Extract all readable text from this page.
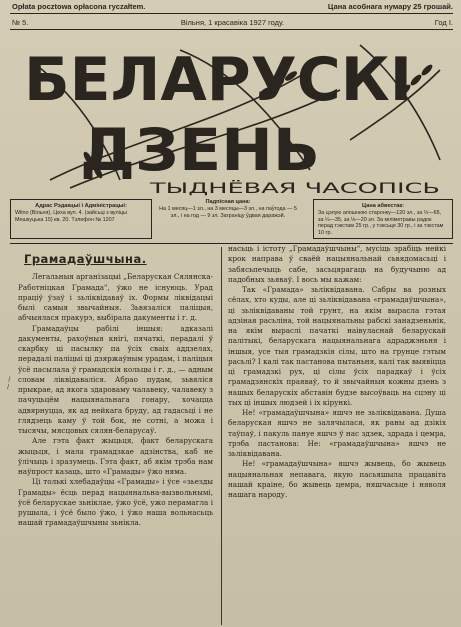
Opłata pocztowa opłacona ryczałtem.	Цана асобнага нумару 25 грошай.
№ 5.	Вільня, 1 красавіка 1927 году.	Год I.
БЕЛАРУСКІ
ДЗЕНЬ
ТЫДНЁВАЯ ЧАСОПІСЬ
Адрас Рэдакцыі і Адміністрацыі:
Wilno (Вільня), Цеха вул. 4. (зайсьці з вуліцы Мешкуцька 15) кв. 20. Тэлефон № 1207
Падпісная цана:
На 1 месяц—1 зл., на 3 месяцы—3 зл., на паўгода — 5 зл., і на год — 9 зл. Заграніцу ўдвая даражэй.
Цана абвестак:
За цэлую апошнюю старонку—120 зл., за ½—65, за ¼—35, за ⅛—20 зл. За міліметравы радок перад тэкстам 25 гр., у тэксьце 30 гр., і за тэкстам 10 гр.
Грамадаўшчына.

Легальныя арганізацыі „Беларуская Сялянска-Работніцкая Грамада", ўжо не існуюць. Урад праціў ўзаў і зьліквідаваў іх. Формы ліквідацыі былі самыя звычайныя. Зьвязаліся паліцыя, абчыялася пракурэ, выбірала дакументы і г. д.

Грамадаўцы рабілі іншыя: адказалі дакументы, рахоўныя кнігі, пячаткі, перадалі ў скарбку ці пасылку па ўсіх сваіх аддзелах, перадалі паліцыі ці дзяржаўным урадам, і паліцыя ўсё пасылала ў грамадскія кольцы і г. д., — адным словам ліквідаваліся. Абрао пудам, зьвяліся прыкрае, ад якога здароваму чалавеку, чалавеку з пачуцьцём нацыянальнага гонару, хочацца адвярнуцца, як ад нейкага бруду, ад гадасьці і не глядзець каму ў той бок, не сотні, а можа і тысячы, мясцовых сялян-беларусаў.

Але гэта факт жыцьця, факт беларускага жыцьця, і мала грамадзкае адзінства, каб не ўлічыць і зразумець. Гэта факт, аб якім трэба нам наўпрост казаць, што «Грамады» ўжо няма.

Ці толькі хлебадаўцы «Грамады» і ўсе «зьезды Грамады» ёсць перад нацыянальна-вызвольнымі, ўсё беларускае зьніклае, ўжо ўсё, ужо перамагла і рушыла, і ўсё было ўжо, і ўжо наша вольнасьць нашай грамадаўшчыны зьнікла.

насьць і істоту „Грамадаўшчыны", мусіць зрабіць нейкі крок направа ў сваёй нацыянальнай сьвядомасьці і забясьпечыць сабе, засьцярагаць на будучыню ад падобных зьяваў. І вось мы кажам:

Так «Грамада» зьліквідавана. Сабры ва розных сёлах, хто куды, але ці зьліквідавана «грамадаўшчына», ці зьліквідаваны той грунт, на якім вырасла гэтая адзіная расьліна, той нацыянальны рабскі занадзеньнік, на якім выраслі пачаткі наівуласнай беларускай палітыкі, беларускага нацыянальнага адраджэньня і іншыя, усе тыя грамадзкія сілы, што на грунце гэтым расьлі? І калі так пастанова пытаньня, калі так выявіцца ці грамадзкі рух, ці сілы ўсіх парадкаў і ўсіх грамадзянскіх праяваў, то й звычайныя кожны дзень з нашых беларускіх абставін будзе высоўваць на сцэну ці тых ці іншых людзей і іх кірункі.

Не! «грамадаўшчына» яшчэ не зьліквідавана. Душа беларуская яшчэ не залячылася, як раны ад дзікіх таўпаў, і пакуль пануе яшчэ ў нас здзек, здрада і цемра, трэба пастанова: Не: «грамадаўшчына» яшчэ не зьліквідавана.

Не! «грамадаўшчына» яшчэ жывець, бо жывець нацыянальная непавага, якую пасьяшыла працавіта нашай краіне, бо жывець цемра, няшчасьце і няволя нашага народу.

~~
